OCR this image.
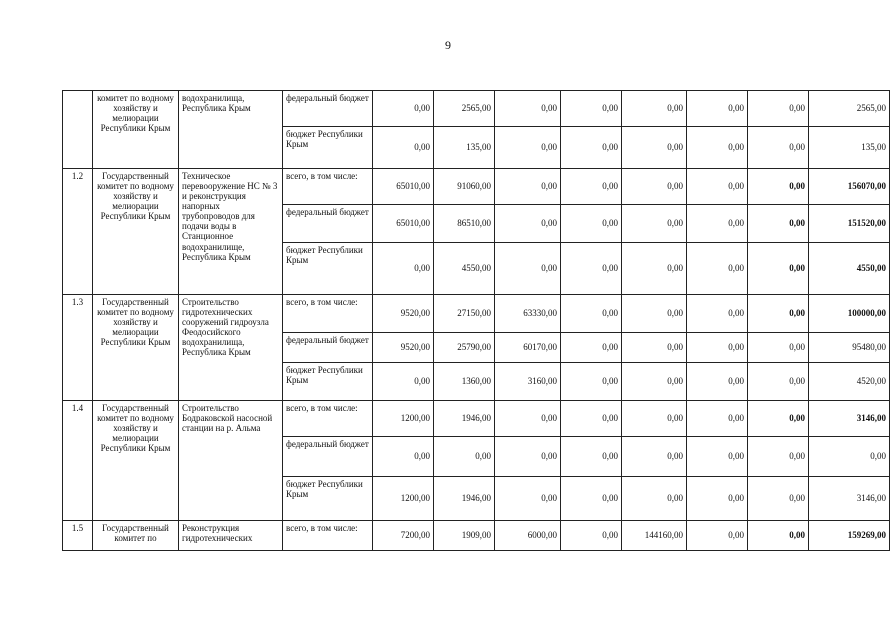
9
	комитет по водному хозяйству и мелиорации Республики Крым	водохранилища, Республика Крым	федеральный бюджет	0,00	2565,00	0,00	0,00	0,00	0,00	0,00	2565,00
			бюджет Республики Крым	0,00	135,00	0,00	0,00	0,00	0,00	0,00	135,00
1.2	Государственный комитет по водному хозяйству и мелиорации Республики Крым	Техническое перевооружение НС № 3 и реконструкция напорных трубопроводов для подачи воды в Станционное водохранилище, Республика Крым	всего, в том числе:	65010,00	91060,00	0,00	0,00	0,00	0,00	0,00	156070,00
			федеральный бюджет	65010,00	86510,00	0,00	0,00	0,00	0,00	0,00	151520,00
			бюджет Республики Крым	0,00	4550,00	0,00	0,00	0,00	0,00	0,00	4550,00
1.3	Государственный комитет по водному хозяйству и мелиорации Республики Крым	Строительство гидротехнических сооружений гидроузла Феодосийского водохранилища, Республика Крым	всего, в том числе:	9520,00	27150,00	63330,00	0,00	0,00	0,00	0,00	100000,00
			федеральный бюджет	9520,00	25790,00	60170,00	0,00	0,00	0,00	0,00	95480,00
			бюджет Республики Крым	0,00	1360,00	3160,00	0,00	0,00	0,00	0,00	4520,00
1.4	Государственный комитет по водному хозяйству и мелиорации Республики Крым	Строительство Бодраковской насосной станции на р. Альма	всего, в том числе:	1200,00	1946,00	0,00	0,00	0,00	0,00	0,00	3146,00
			федеральный бюджет	0,00	0,00	0,00	0,00	0,00	0,00	0,00	0,00
			бюджет Республики Крым	1200,00	1946,00	0,00	0,00	0,00	0,00	0,00	3146,00
1.5	Государственный комитет по	Реконструкция гидротехнических	всего, в том числе:	7200,00	1909,00	6000,00	0,00	144160,00	0,00	0,00	159269,00
